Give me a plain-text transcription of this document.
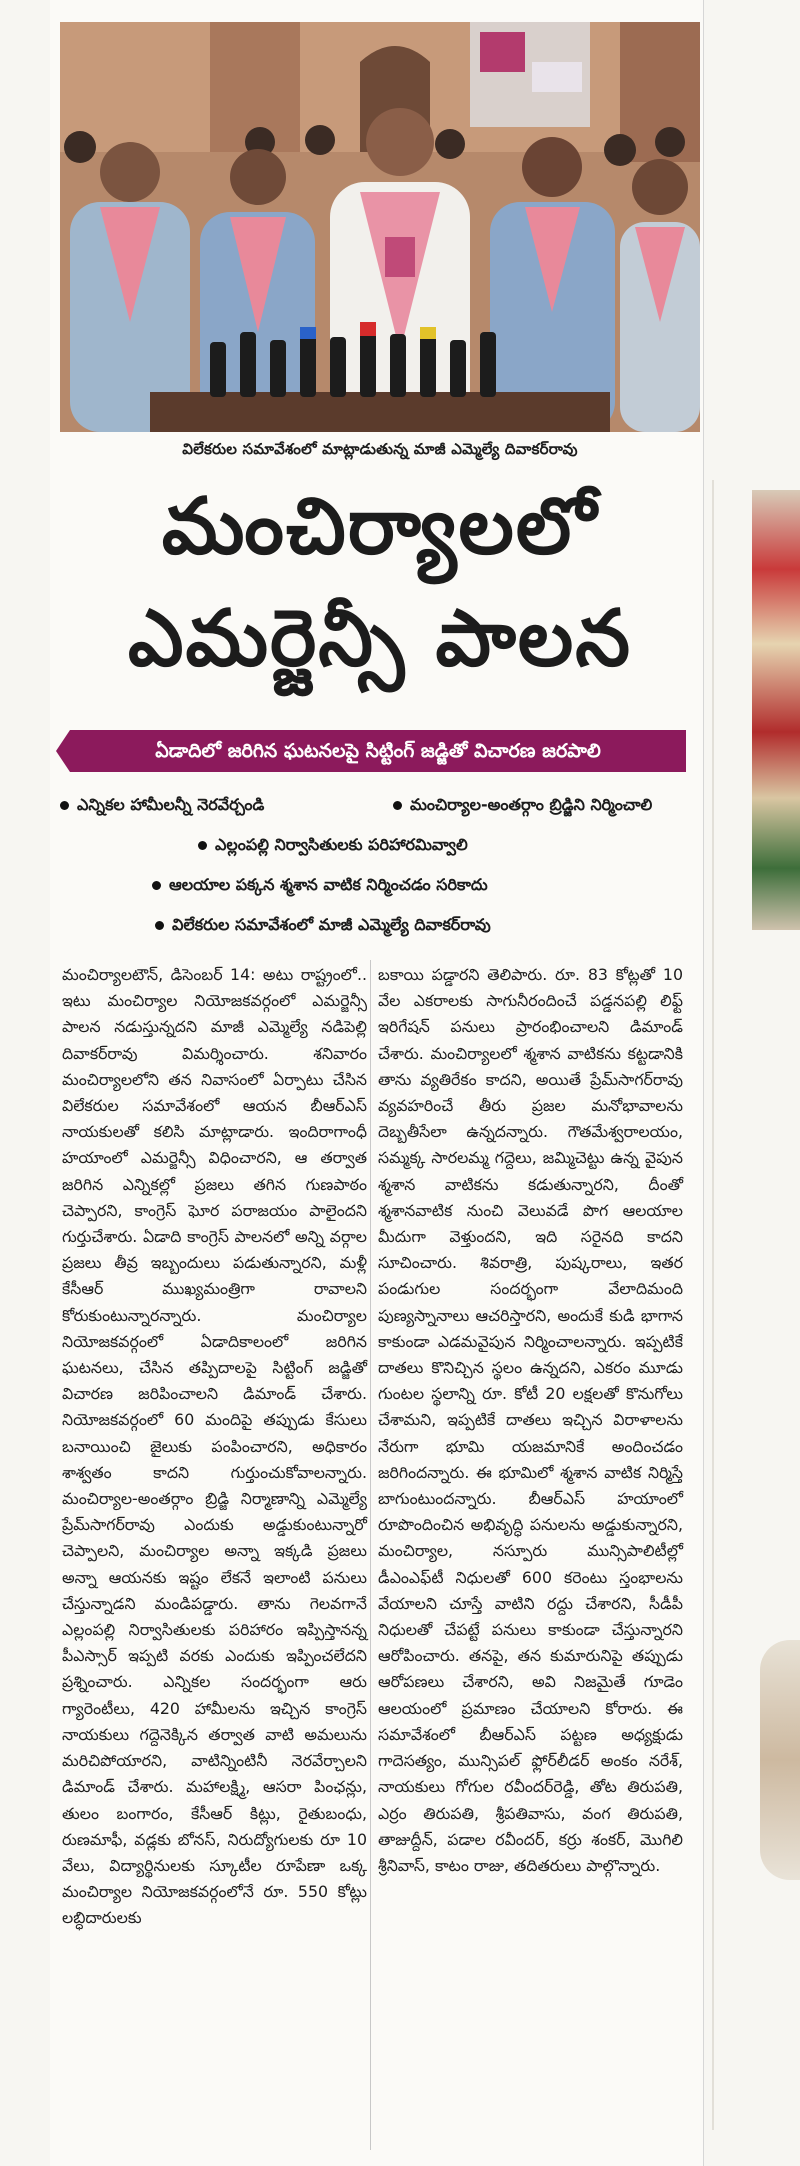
విలేకరుల సమావేశంలో మాట్లాడుతున్న మాజీ ఎమ్మెల్యే దివాకర్‌రావు
మంచిర్యాలలో
ఎమర్జెన్సీ పాలన
ఏడాదిలో జరిగిన ఘటనలపై సిట్టింగ్ జడ్జితో విచారణ జరపాలి
ఎన్నికల హామీలన్నీ నెరవేర్చండి	మంచిర్యాల-అంతర్గాం బ్రిడ్జిని నిర్మించాలి
ఎల్లంపల్లి నిర్వాసితులకు పరిహారమివ్వాలి
ఆలయాల పక్కన శ్మశాన వాటిక నిర్మించడం సరికాదు
విలేకరుల సమావేశంలో మాజీ ఎమ్మెల్యే దివాకర్‌రావు

మంచిర్యాలటౌన్, డిసెంబర్ 14: అటు రాష్ట్రంలో.. ఇటు మంచిర్యాల నియోజకవర్గంలో ఎమర్జెన్సీ పాలన నడుస్తున్నదని మాజీ ఎమ్మెల్యే నడిపెల్లి దివాకర్‌రావు విమర్శించారు. శనివారం మంచిర్యాలలోని తన నివాసంలో ఏర్పాటు చేసిన విలేకరుల సమావేశంలో ఆయన బీఆర్‌ఎస్ నాయకులతో కలిసి మాట్లాడారు. ఇందిరాగాంధీ హయాంలో ఎమర్జెన్సీ విధించారని, ఆ తర్వాత జరిగిన ఎన్నికల్లో ప్రజలు తగిన గుణపాఠం చెప్పారని, కాంగ్రెస్ ఘోర పరాజయం పాలైందని గుర్తుచేశారు. ఏడాది కాంగ్రెస్ పాలనలో అన్ని వర్గాల ప్రజలు తీవ్ర ఇబ్బందులు పడుతున్నారని, మళ్లీ కేసీఆర్ ముఖ్యమంత్రిగా రావాలని కోరుకుంటున్నారన్నారు. మంచిర్యాల నియోజకవర్గంలో ఏడాదికాలంలో జరిగిన ఘటనలు, చేసిన తప్పిదాలపై సిట్టింగ్ జడ్జితో విచారణ జరిపించాలని డిమాండ్ చేశారు. నియోజకవర్గంలో 60 మందిపై తప్పుడు కేసులు బనాయించి జైలుకు పంపించారని, అధికారం శాశ్వతం కాదని గుర్తుంచుకోవాలన్నారు. మంచిర్యాల-అంతర్గాం బ్రిడ్జి నిర్మాణాన్ని ఎమ్మెల్యే ప్రేమ్‌సాగర్‌రావు ఎందుకు అడ్డుకుంటున్నారో చెప్పాలని, మంచిర్యాల అన్నా ఇక్కడి ప్రజలు అన్నా ఆయనకు ఇష్టం లేకనే ఇలాంటి పనులు చేస్తున్నాడని మండిపడ్డారు. తాను గెలవగానే ఎల్లంపల్లి నిర్వాసితులకు పరిహారం ఇప్పిస్తానన్న పీఎస్సార్ ఇప్పటి వరకు ఎందుకు ఇప్పించలేదని ప్రశ్నించారు. ఎన్నికల సందర్భంగా ఆరు గ్యారెంటీలు, 420 హామీలను ఇచ్చిన కాంగ్రెస్ నాయకులు గద్దెనెక్కిన తర్వాత వాటి అమలును మరిచిపోయారని, వాటిన్నింటినీ నెరవేర్చాలని డిమాండ్ చేశారు. మహాలక్ష్మి, ఆసరా పింఛన్లు, తులం బంగారం, కేసీఆర్ కిట్లు, రైతుబంధు, రుణమాఫీ, వడ్లకు బోనస్, నిరుద్యోగులకు రూ 10 వేలు, విద్యార్థినులకు స్కూటీల రూపేణా ఒక్క మంచిర్యాల నియోజకవర్గంలోనే రూ. 550 కోట్లు లబ్ధిదారులకు

బకాయి పడ్డారని తెలిపారు. రూ. 83 కోట్లతో 10 వేల ఎకరాలకు సాగునీరందించే పడ్డనపల్లి లిఫ్ట్ ఇరిగేషన్ పనులు ప్రారంభించాలని డిమాండ్ చేశారు. మంచిర్యాలలో శ్మశాన వాటికను కట్టడానికి తాను వ్యతిరేకం కాదని, అయితే ప్రేమ్‌సాగర్‌రావు వ్యవహరించే తీరు ప్రజల మనోభావాలను దెబ్బతీసేలా ఉన్నదన్నారు. గౌతమేశ్వరాలయం, సమ్మక్క సారలమ్మ గద్దెలు, జమ్మిచెట్టు ఉన్న వైపున శ్మశాన వాటికను కడుతున్నారని, దీంతో శ్మశానవాటిక నుంచి వెలువడే పొగ ఆలయాల మీదుగా వెళ్తుందని, ఇది సరైనది కాదని సూచించారు. శివరాత్రి, పుష్కరాలు, ఇతర పండుగుల సందర్భంగా వేలాదిమంది పుణ్యస్నానాలు ఆచరిస్తారని, అందుకే కుడి భాగాన కాకుండా ఎడమవైపున నిర్మించాలన్నారు. ఇప్పటికే దాతలు కొనిచ్చిన స్థలం ఉన్నదని, ఎకరం మూడు గుంటల స్థలాన్ని రూ. కోటీ 20 లక్షలతో కొనుగోలు చేశామని, ఇప్పటికే దాతలు ఇచ్చిన విరాళాలను నేరుగా భూమి యజమానికే అందించడం జరిగిందన్నారు. ఈ భూమిలో శ్మశాన వాటిక నిర్మిస్తే బాగుంటుందన్నారు. బీఆర్‌ఎస్ హయాంలో రూపొందించిన అభివృద్ధి పనులను అడ్డుకున్నారని, మంచిర్యాల, నస్పూరు మున్సిపాలిటీల్లో డీఎంఎఫ్‌టీ నిధులతో 600 కరెంటు స్తంభాలను వేయాలని చూస్తే వాటిని రద్దు చేశారని, సీడీపీ నిధులతో చేపట్టే పనులు కాకుండా చేస్తున్నారని ఆరోపించారు. తనపై, తన కుమారునిపై తప్పుడు ఆరోపణలు చేశారని, అవి నిజమైతే గూడెం ఆలయంలో ప్రమాణం చేయాలని కోరారు. ఈ సమావేశంలో బీఆర్‌ఎస్ పట్టణ అధ్యక్షుడు గాదెసత్యం, మున్సిపల్ ఫ్లోర్‌లీడర్ అంకం నరేశ్, నాయకులు గోగుల రవీందర్‌రెడ్డి, తోట తిరుపతి, ఎర్రం తిరుపతి, శ్రీపతివాసు, వంగ తిరుపతి, తాజుద్దీన్, పడాల రవీందర్, కర్రు శంకర్, మొగిలి శ్రీనివాస్, కాటం రాజు, తదితరులు పాల్గొన్నారు.
